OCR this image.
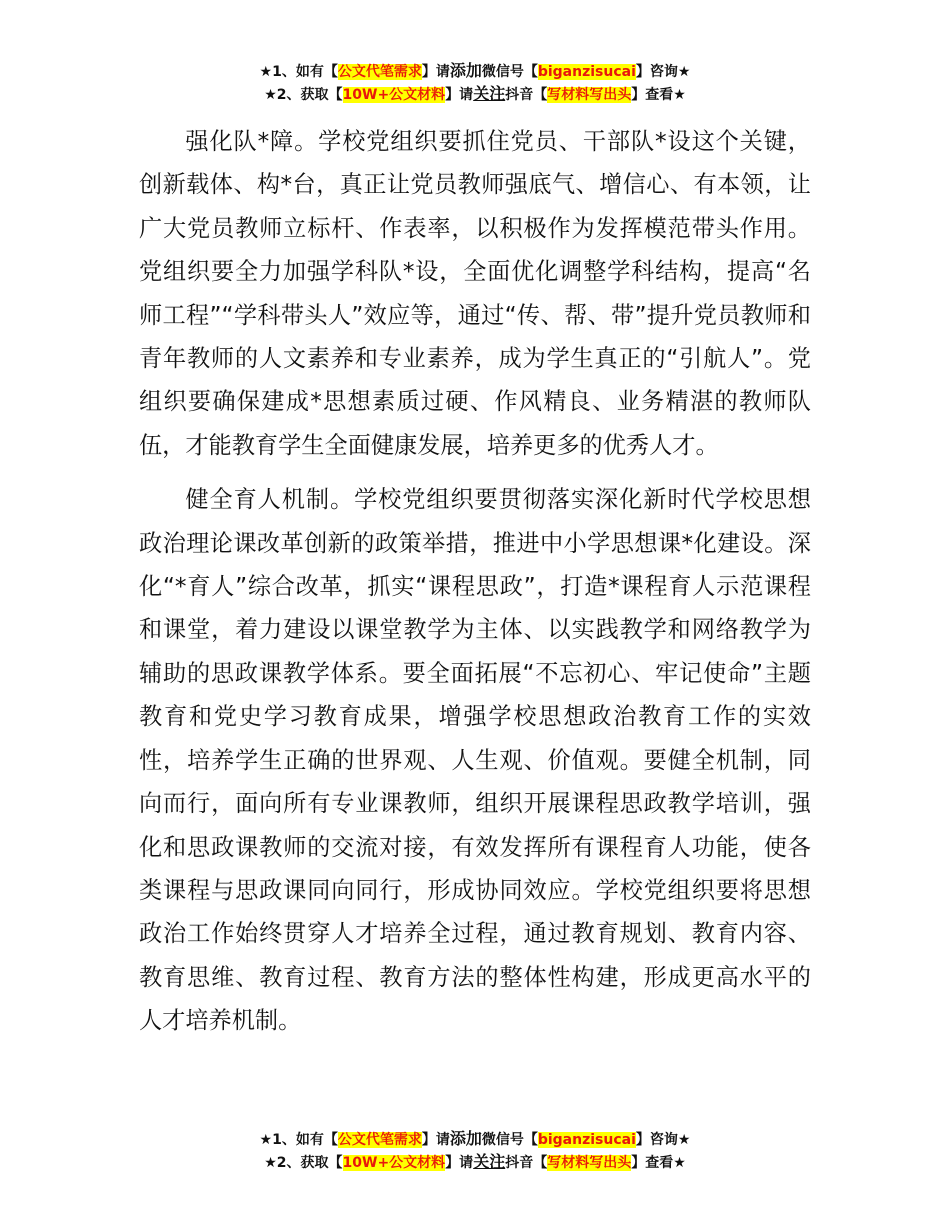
★1、如有【公文代笔需求】请添加微信号【biganzisucai】咨询★
★2、获取【10W+公文材料】请关注抖音【写材料写出头】查看★

强化队*障。学校党组织要抓住党员、干部队*设这个关键，创新载体、构*台，真正让党员教师强底气、增信心、有本领，让广大党员教师立标杆、作表率，以积极作为发挥模范带头作用。党组织要全力加强学科队*设，全面优化调整学科结构，提高“名师工程”“学科带头人”效应等，通过“传、帮、带”提升党员教师和青年教师的人文素养和专业素养，成为学生真正的“引航人”。党组织要确保建成*思想素质过硬、作风精良、业务精湛的教师队伍，才能教育学生全面健康发展，培养更多的优秀人才。

健全育人机制。学校党组织要贯彻落实深化新时代学校思想政治理论课改革创新的政策举措，推进中小学思想课*化建设。深化“*育人”综合改革，抓实“课程思政”，打造*课程育人示范课程和课堂，着力建设以课堂教学为主体、以实践教学和网络教学为辅助的思政课教学体系。要全面拓展“不忘初心、牢记使命”主题教育和党史学习教育成果，增强学校思想政治教育工作的实效性，培养学生正确的世界观、人生观、价值观。要健全机制，同向而行，面向所有专业课教师，组织开展课程思政教学培训，强化和思政课教师的交流对接，有效发挥所有课程育人功能，使各类课程与思政课同向同行，形成协同效应。学校党组织要将思想政治工作始终贯穿人才培养全过程，通过教育规划、教育内容、教育思维、教育过程、教育方法的整体性构建，形成更高水平的人才培养机制。

★1、如有【公文代笔需求】请添加微信号【biganzisucai】咨询★
★2、获取【10W+公文材料】请关注抖音【写材料写出头】查看★
